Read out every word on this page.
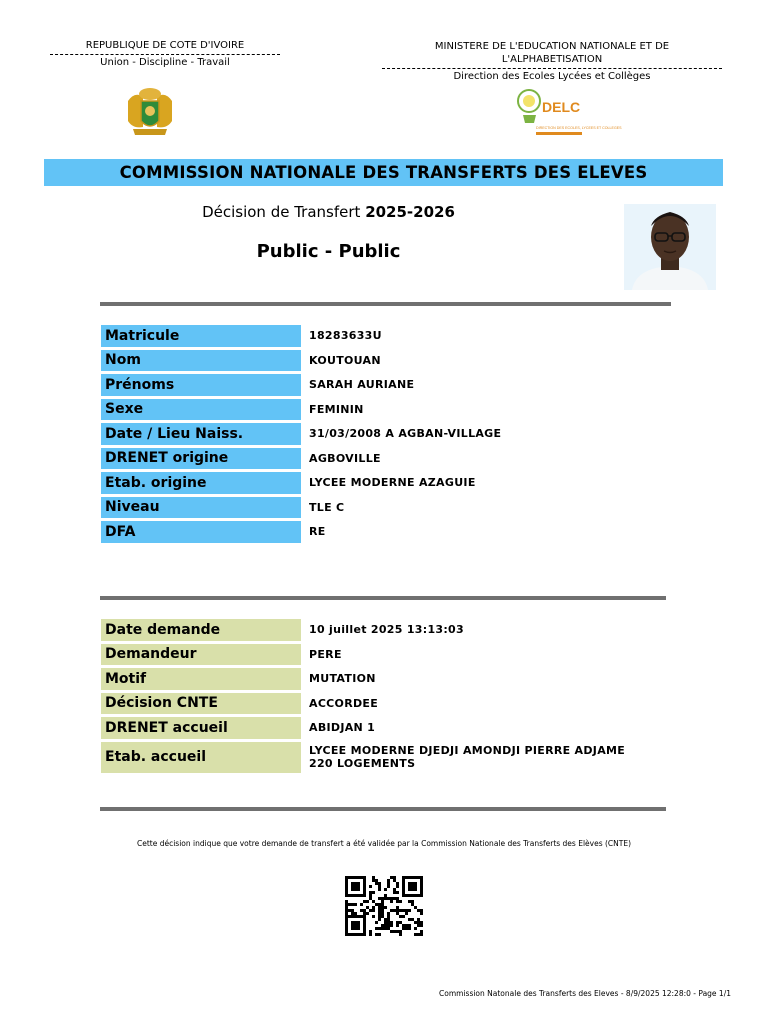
REPUBLIQUE DE COTE D'IVOIRE
Union - Discipline - Travail
MINISTERE DE L'EDUCATION NATIONALE ET DE
L'ALPHABETISATION
Direction des Ecoles Lycées et Collèges
DELC
DIRECTION DES ECOLES, LYCEES ET COLLEGES
COMMISSION NATIONALE DES TRANSFERTS DES ELEVES
Décision de Transfert 2025-2026
Public - Public
Matricule	18283633U
Nom	KOUTOUAN
Prénoms	SARAH AURIANE
Sexe	FEMININ
Date / Lieu Naiss.	31/03/2008 A AGBAN-VILLAGE
DRENET origine	AGBOVILLE
Etab. origine	LYCEE MODERNE AZAGUIE
Niveau	TLE C
DFA	RE
Date demande	10 juillet 2025 13:13:03
Demandeur	PERE
Motif	MUTATION
Décision CNTE	ACCORDEE
DRENET accueil	ABIDJAN 1
Etab. accueil	LYCEE MODERNE DJEDJI AMONDJI PIERRE ADJAME
220 LOGEMENTS
Cette décision indique que votre demande de transfert a été validée par la Commission Nationale des Transferts des Elèves (CNTE)
Commission Natonale des Transferts des Eleves - 8/9/2025 12:28:0 - Page 1/1
